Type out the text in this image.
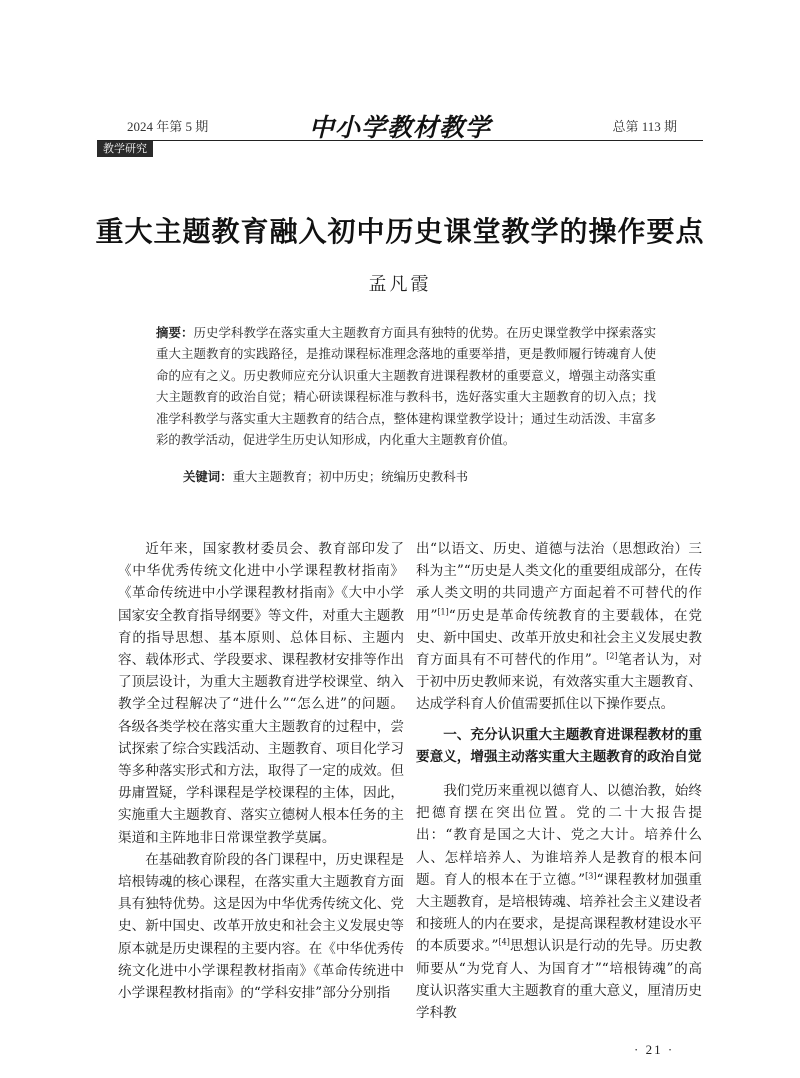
2024 年第 5 期	中小学教材教学	总第 113 期
教学研究
重大主题教育融入初中历史课堂教学的操作要点
孟凡霞
摘要：历史学科教学在落实重大主题教育方面具有独特的优势。在历史课堂教学中探索落实重大主题教育的实践路径，是推动课程标准理念落地的重要举措，更是教师履行铸魂育人使命的应有之义。历史教师应充分认识重大主题教育进课程教材的重要意义，增强主动落实重大主题教育的政治自觉；精心研读课程标准与教科书，选好落实重大主题教育的切入点；找准学科教学与落实重大主题教育的结合点，整体建构课堂教学设计；通过生动活泼、丰富多彩的教学活动，促进学生历史认知形成，内化重大主题教育价值。
关键词：重大主题教育；初中历史；统编历史教科书

近年来，国家教材委员会、教育部印发了《中华优秀传统文化进中小学课程教材指南》《革命传统进中小学课程教材指南》《大中小学国家安全教育指导纲要》等文件，对重大主题教育的指导思想、基本原则、总体目标、主题内容、载体形式、学段要求、课程教材安排等作出了顶层设计，为重大主题教育进学校课堂、纳入教学全过程解决了“进什么”“怎么进”的问题。各级各类学校在落实重大主题教育的过程中，尝试探索了综合实践活动、主题教育、项目化学习等多种落实形式和方法，取得了一定的成效。但毋庸置疑，学科课程是学校课程的主体，因此，实施重大主题教育、落实立德树人根本任务的主渠道和主阵地非日常课堂教学莫属。

在基础教育阶段的各门课程中，历史课程是培根铸魂的核心课程，在落实重大主题教育方面具有独特优势。这是因为中华优秀传统文化、党史、新中国史、改革开放史和社会主义发展史等原本就是历史课程的主要内容。在《中华优秀传统文化进中小学课程教材指南》《革命传统进中小学课程教材指南》的“学科安排”部分分别指

出“以语文、历史、道德与法治（思想政治）三科为主”“历史是人类文化的重要组成部分，在传承人类文明的共同遗产方面起着不可替代的作用”[1]“历史是革命传统教育的主要载体，在党史、新中国史、改革开放史和社会主义发展史教育方面具有不可替代的作用”。[2]笔者认为，对于初中历史教师来说，有效落实重大主题教育、达成学科育人价值需要抓住以下操作要点。

一、充分认识重大主题教育进课程教材的重要意义，增强主动落实重大主题教育的政治自觉

我们党历来重视以德育人、以德治教，始终把德育摆在突出位置。党的二十大报告提出：“教育是国之大计、党之大计。培养什么人、怎样培养人、为谁培养人是教育的根本问题。育人的根本在于立德。”[3]“课程教材加强重大主题教育，是培根铸魂、培养社会主义建设者和接班人的内在要求，是提高课程教材建设水平的本质要求。”[4]思想认识是行动的先导。历史教师要从“为党育人、为国育才”“培根铸魂”的高度认识落实重大主题教育的重大意义，厘清历史学科教

· 21 ·
